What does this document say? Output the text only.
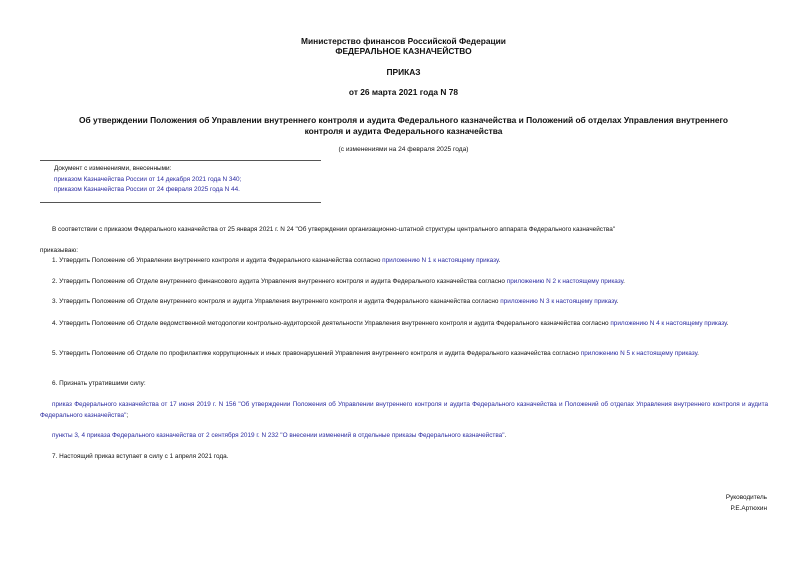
Министерство финансов Российской Федерации
ФЕДЕРАЛЬНОЕ КАЗНАЧЕЙСТВО
ПРИКАЗ
от 26 марта 2021 года N 78
Об утверждении Положения об Управлении внутреннего контроля и аудита Федерального казначейства и Положений об отделах Управления внутреннего контроля и аудита Федерального казначейства
(с изменениями на 24 февраля 2025 года)
Документ с изменениями, внесенными:
приказом Казначейства России от 14 декабря 2021 года N 340;
приказом Казначейства России от 24 февраля 2025 года N 44.
В соответствии с приказом Федерального казначейства от 25 января 2021 г. N 24 "Об утверждении организационно-штатной структуры центрального аппарата Федерального казначейства"
приказываю:
1. Утвердить Положение об Управлении внутреннего контроля и аудита Федерального казначейства согласно приложению N 1 к настоящему приказу.
2. Утвердить Положение об Отделе внутреннего финансового аудита Управления внутреннего контроля и аудита Федерального казначейства согласно приложению N 2 к настоящему приказу.
3. Утвердить Положение об Отделе внутреннего контроля и аудита Управления внутреннего контроля и аудита Федерального казначейства согласно приложению N 3 к настоящему приказу.
4. Утвердить Положение об Отделе ведомственной методологии контрольно-аудиторской деятельности Управления внутреннего контроля и аудита Федерального казначейства согласно приложению N 4 к настоящему приказу.
5. Утвердить Положение об Отделе по профилактике коррупционных и иных правонарушений Управления внутреннего контроля и аудита Федерального казначейства согласно приложению N 5 к настоящему приказу.
6. Признать утратившими силу:
приказ Федерального казначейства от 17 июня 2019 г. N 156 "Об утверждении Положения об Управлении внутреннего контроля и аудита Федерального казначейства и Положений об отделах Управления внутреннего контроля и аудита Федерального казначейства";
пункты 3, 4 приказа Федерального казначейства от 2 сентября 2019 г. N 232 "О внесении изменений в отдельные приказы Федерального казначейства".
7. Настоящий приказ вступает в силу с 1 апреля 2021 года.
Руководитель
Р.Е.Артюхин
